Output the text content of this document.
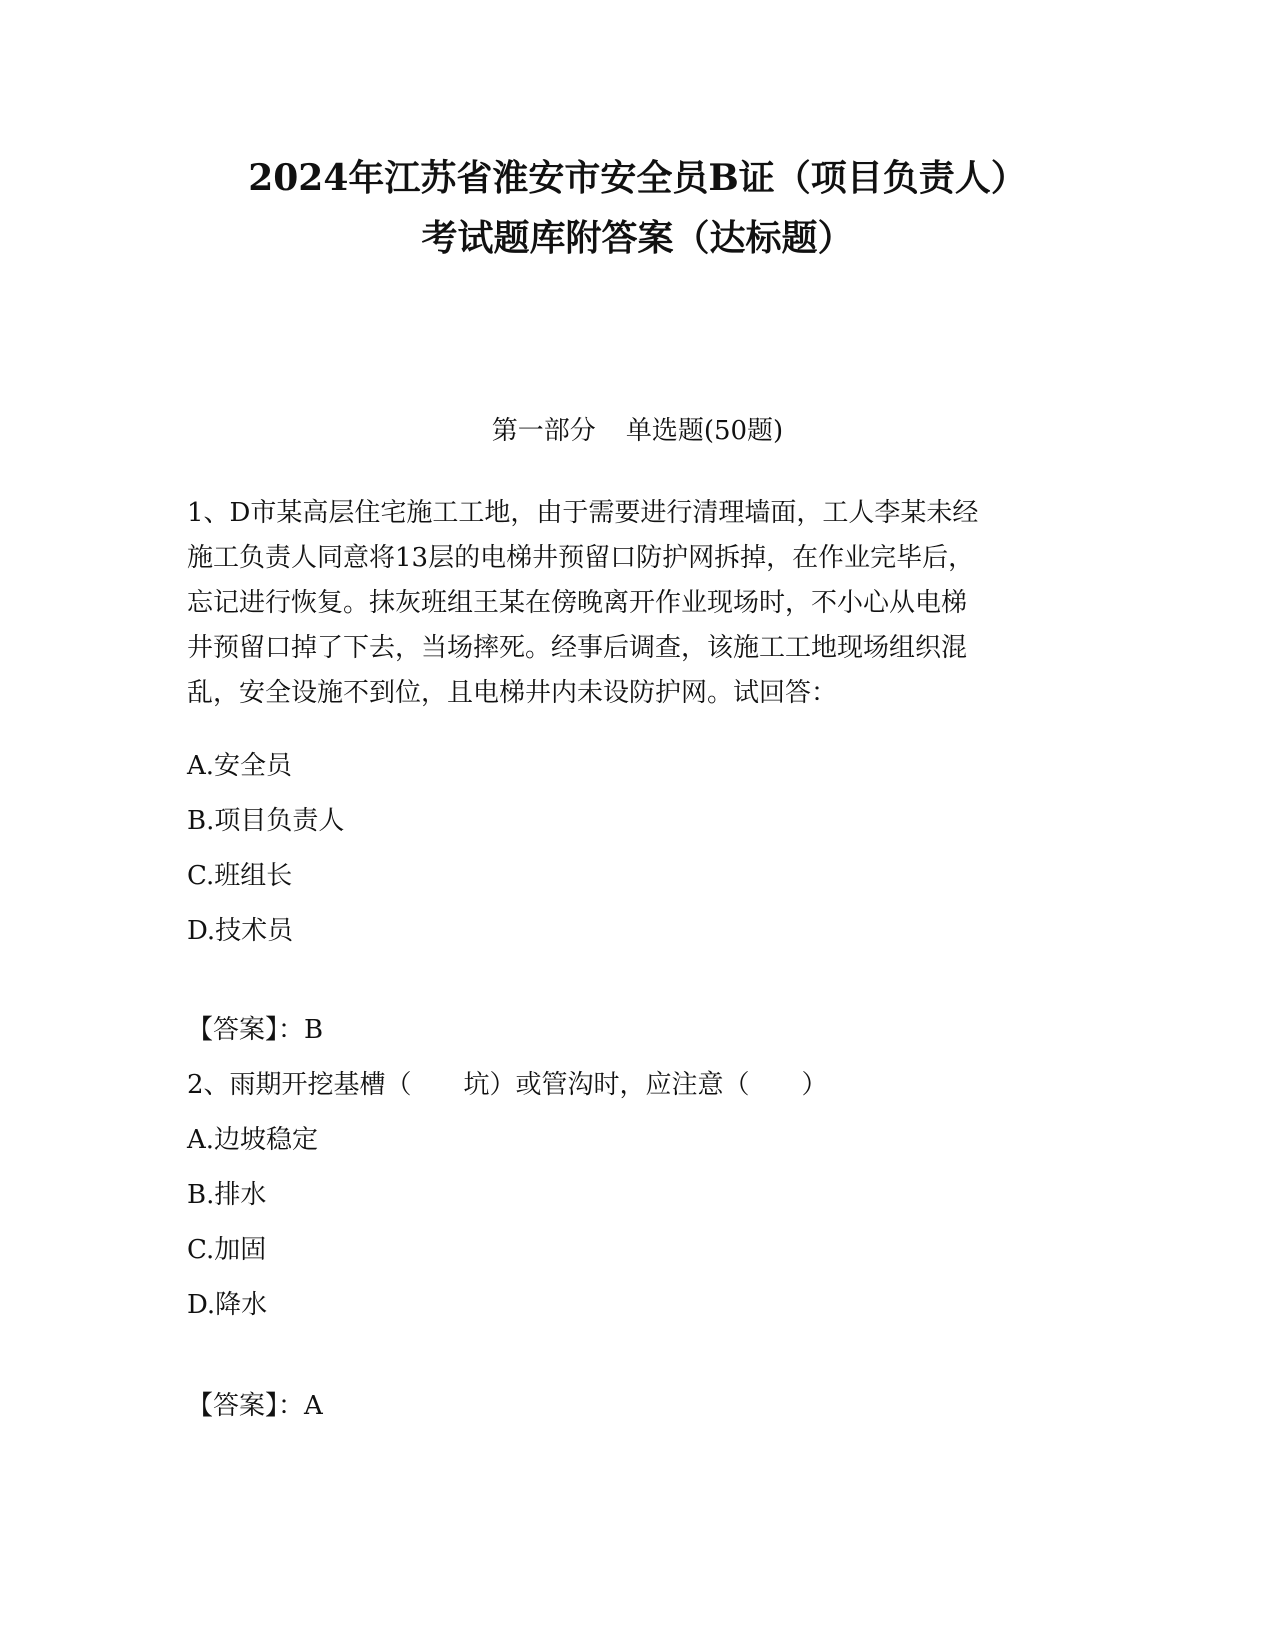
2024年江苏省淮安市安全员B证（项目负责人）
考试题库附答案（达标题）
第一部分 单选题(50题)
1、D市某高层住宅施工工地，由于需要进行清理墙面，工人李某未经
施工负责人同意将13层的电梯井预留口防护网拆掉，在作业完毕后，
忘记进行恢复。抹灰班组王某在傍晚离开作业现场时，不小心从电梯
井预留口掉了下去，当场摔死。经事后调查，该施工工地现场组织混
乱，安全设施不到位，且电梯井内未设防护网。试回答：
A.安全员
B.项目负责人
C.班组长
D.技术员
【答案】：B
2、雨期开挖基槽（　　坑）或管沟时，应注意（　　）
A.边坡稳定
B.排水
C.加固
D.降水
【答案】：A
